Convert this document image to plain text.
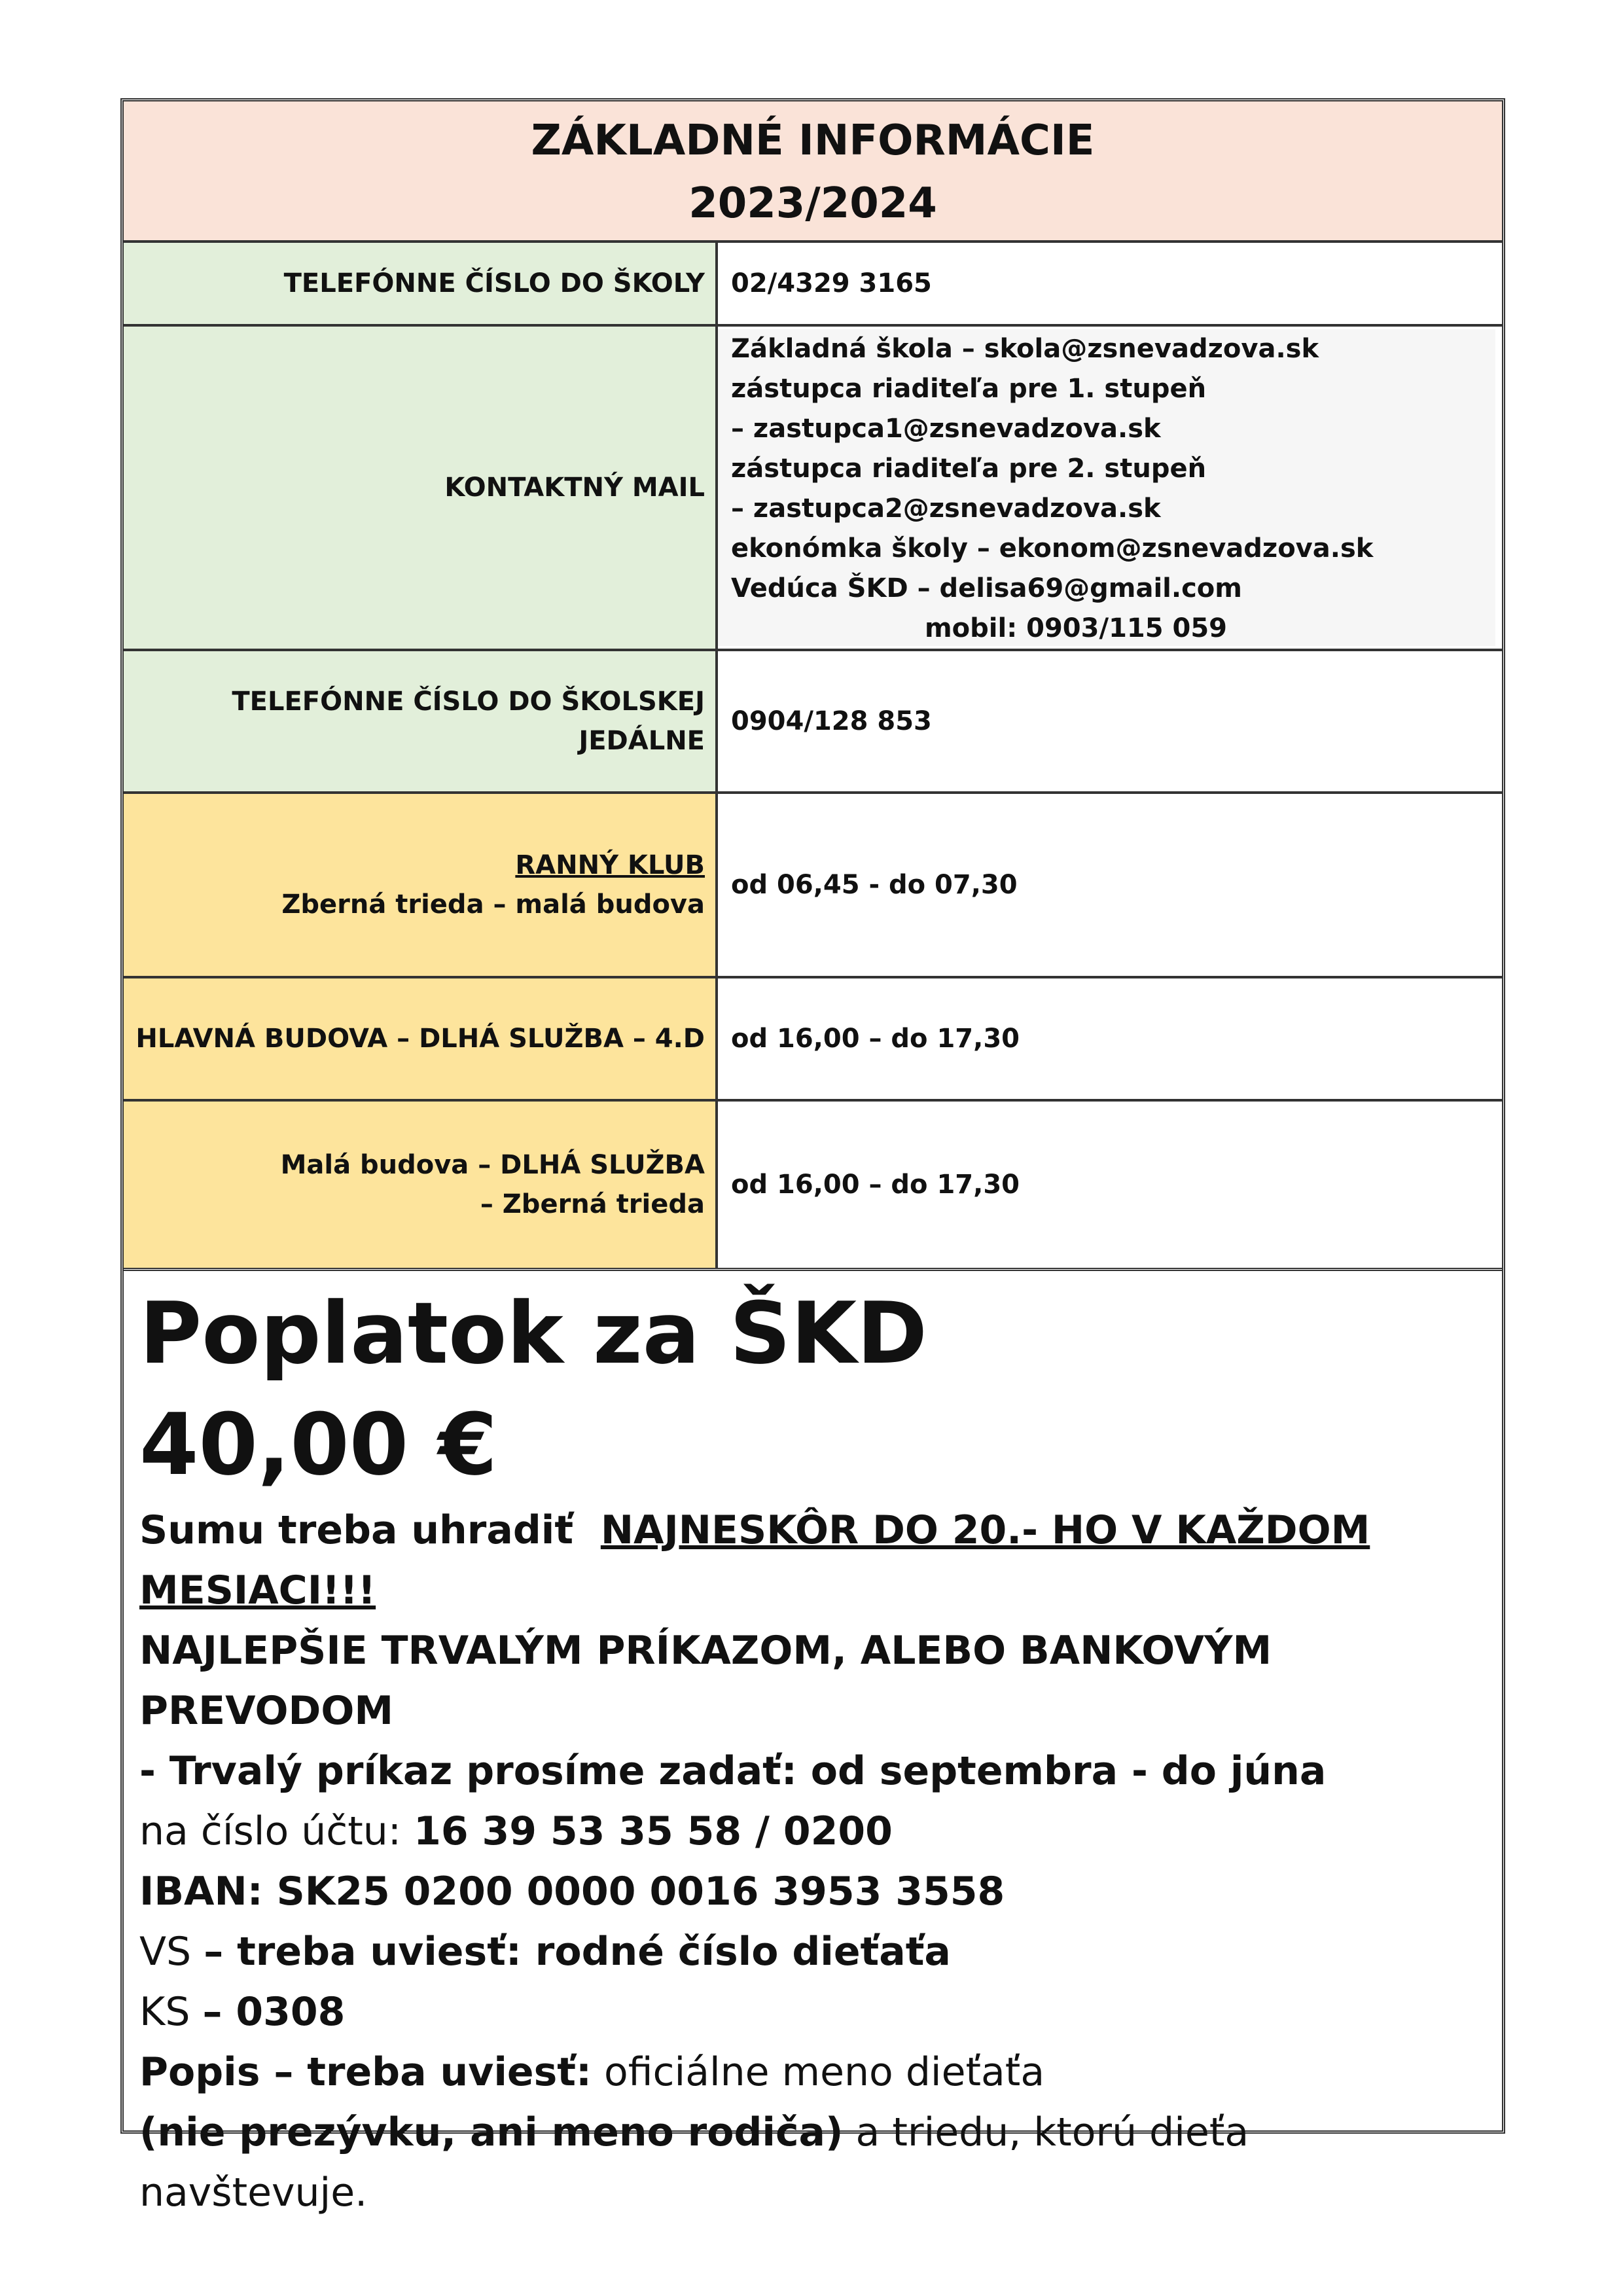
ZÁKLADNÉ INFORMÁCIE
2023/2024
TELEFÓNNE ČÍSLO DO ŠKOLY	02/4329 3165
KONTAKTNÝ MAIL
Základná škola – skola@zsnevadzova.sk
zástupca riaditeľa pre 1. stupeň
– zastupca1@zsnevadzova.sk
zástupca riaditeľa pre 2. stupeň
– zastupca2@zsnevadzova.sk
ekonómka školy – ekonom@zsnevadzova.sk
Vedúca ŠKD – delisa69@gmail.com
mobil: 0903/115 059
TELEFÓNNE ČÍSLO DO ŠKOLSKEJ JEDÁLNE
0904/128 853
RANNÝ KLUB
Zberná trieda – malá budova
od 06,45 - do 07,30
HLAVNÁ BUDOVA – DLHÁ SLUŽBA – 4.D	od 16,00 – do 17,30
Malá budova – DLHÁ SLUŽBA
– Zberná trieda
od 16,00 – do 17,30
Poplatok za ŠKD
40,00 €
Sumu treba uhradiť NAJNESKÔR DO 20.- HO V KAŽDOM
MESIACI!!!
NAJLEPŠIE TRVALÝM PRÍKAZOM, ALEBO BANKOVÝM PREVODOM
- Trvalý príkaz prosíme zadať: od septembra - do júna
na číslo účtu: 16 39 53 35 58 / 0200
IBAN: SK25 0200 0000 0016 3953 3558
VS – treba uviesť: rodné číslo dieťaťa
KS – 0308
Popis – treba uviesť: oficiálne meno dieťaťa
(nie prezývku, ani meno rodiča) a triedu, ktorú dieťa navštevuje.
